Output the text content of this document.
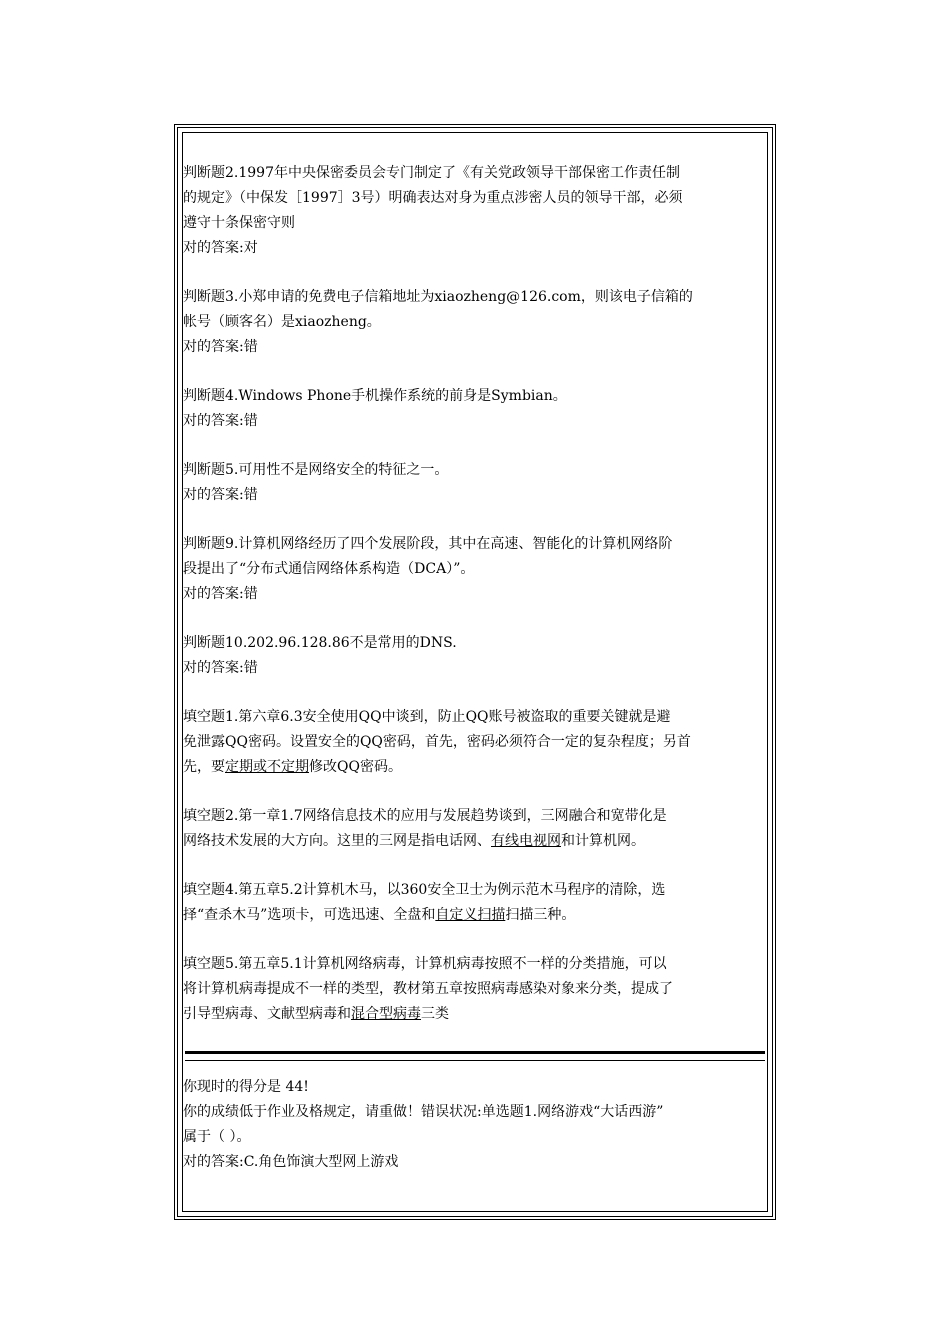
判断题2.1997年中央保密委员会专门制定了《有关党政领导干部保密工作责任制
的规定》（中保发［1997］3号）明确表达对身为重点涉密人员的领导干部，必须
遵守十条保密守则
对的答案:对
判断题3.小郑申请的免费电子信箱地址为xiaozheng@126.com，则该电子信箱的
帐号（顾客名）是xiaozheng。
对的答案:错
判断题4.Windows Phone手机操作系统的前身是Symbian。
对的答案:错
判断题5.可用性不是网络安全的特征之一。
对的答案:错
判断题9.计算机网络经历了四个发展阶段，其中在高速、智能化的计算机网络阶
段提出了“分布式通信网络体系构造（DCA）”。
对的答案:错
判断题10.202.96.128.86不是常用的DNS.
对的答案:错
填空题1.第六章6.3安全使用QQ中谈到，防止QQ账号被盗取的重要关键就是避
免泄露QQ密码。设置安全的QQ密码，首先，密码必须符合一定的复杂程度；另首
先，要定期或不定期修改QQ密码。
填空题2.第一章1.7网络信息技术的应用与发展趋势谈到，三网融合和宽带化是
网络技术发展的大方向。这里的三网是指电话网、有线电视网和计算机网。
填空题4.第五章5.2计算机木马，以360安全卫士为例示范木马程序的清除，选
择“查杀木马”选项卡，可选迅速、全盘和自定义扫描扫描三种。
填空题5.第五章5.1计算机网络病毒，计算机病毒按照不一样的分类措施，可以
将计算机病毒提成不一样的类型，教材第五章按照病毒感染对象来分类，提成了
引导型病毒、文献型病毒和混合型病毒三类
你现时的得分是 44!
你的成绩低于作业及格规定，请重做！错误状况:单选题1.网络游戏“大话西游”
属于（ ）。
对的答案:C.角色饰演大型网上游戏
